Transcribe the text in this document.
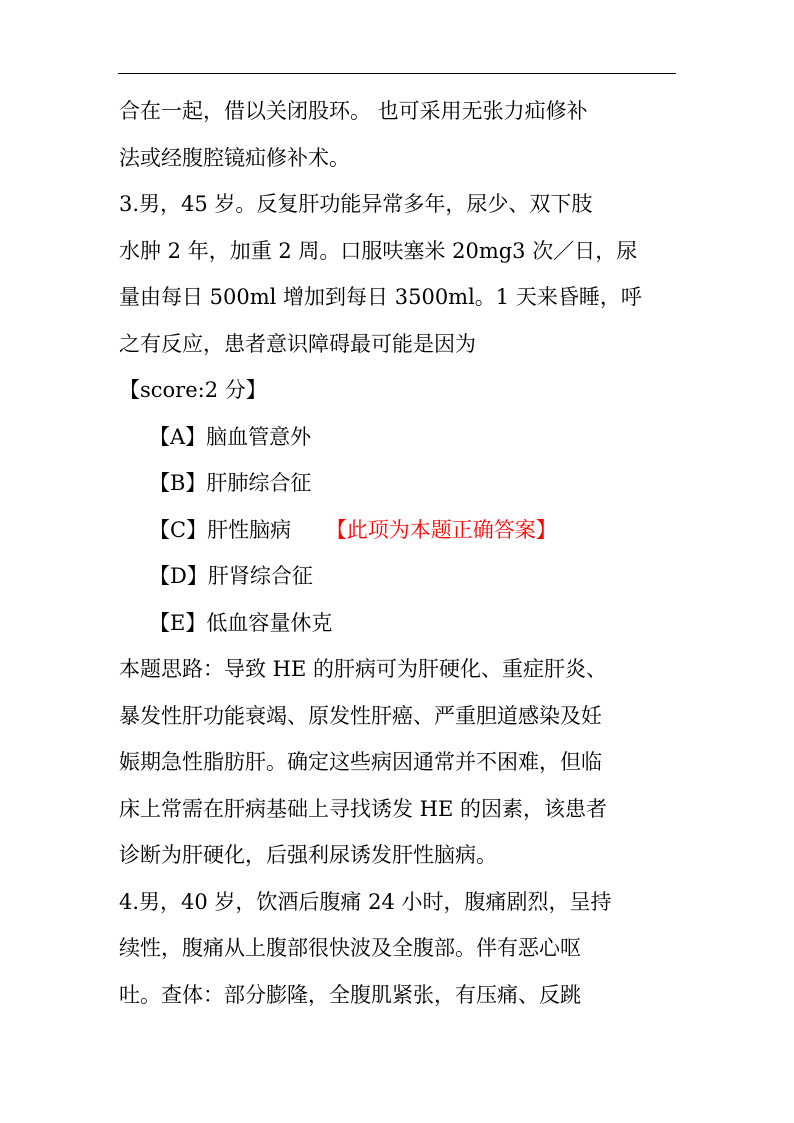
合在一起，借以关闭股环。 也可采用无张力疝修补
法或经腹腔镜疝修补术。
3.男，45 岁。反复肝功能异常多年，尿少、双下肢
水肿 2 年，加重 2 周。口服呋塞米 20mg3 次／日，尿
量由每日 500ml 增加到每日 3500ml。1 天来昏睡，呼
之有反应，患者意识障碍最可能是因为
【score:2 分】
【A】脑血管意外
【B】肝肺综合征
【C】肝性脑病 【此项为本题正确答案】
【D】肝肾综合征
【E】低血容量休克
本题思路：导致 HE 的肝病可为肝硬化、重症肝炎、
暴发性肝功能衰竭、原发性肝癌、严重胆道感染及妊
娠期急性脂肪肝。确定这些病因通常并不困难，但临
床上常需在肝病基础上寻找诱发 HE 的因素，该患者
诊断为肝硬化，后强利尿诱发肝性脑病。
4.男，40 岁，饮酒后腹痛 24 小时，腹痛剧烈，呈持
续性，腹痛从上腹部很快波及全腹部。伴有恶心呕
吐。查体：部分膨隆，全腹肌紧张，有压痛、反跳
